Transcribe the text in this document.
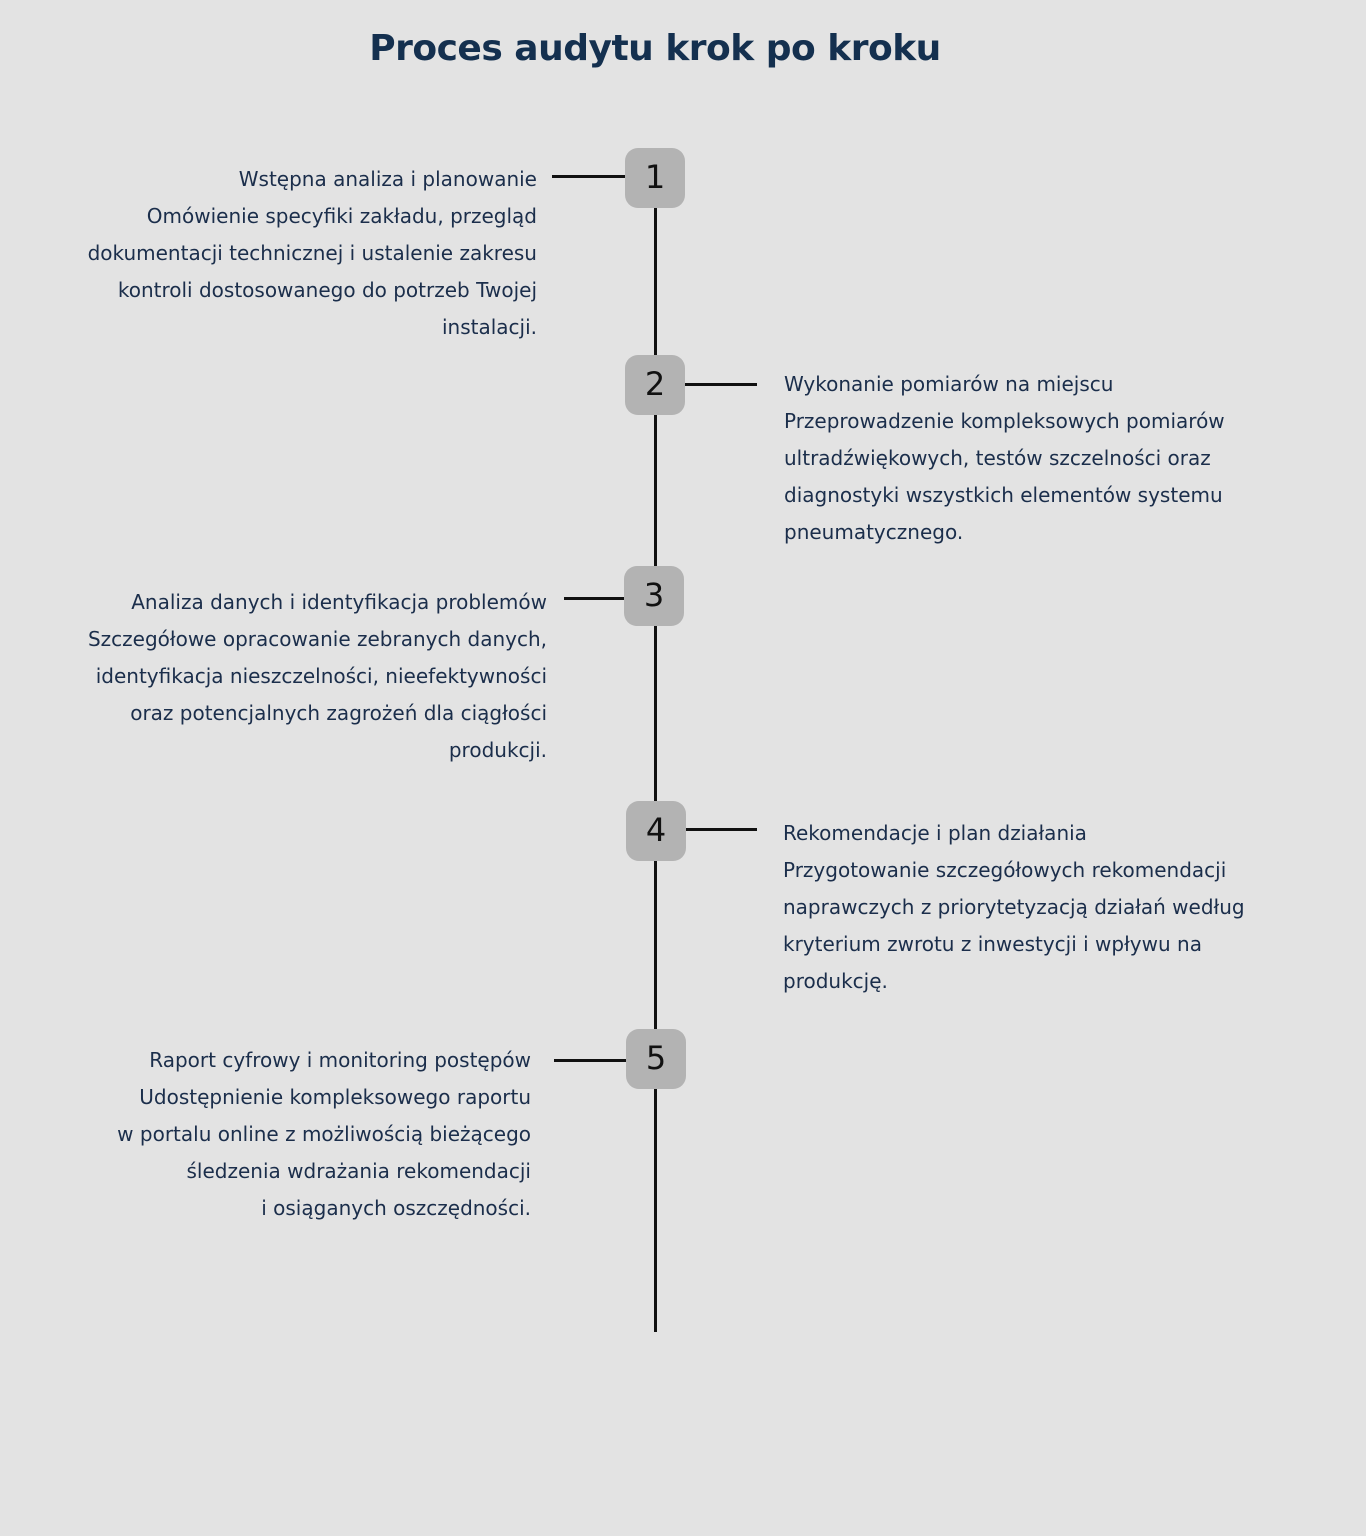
Proces audytu krok po kroku
1
Wstępna analiza i planowanie
Omówienie specyfiki zakładu, przegląd
dokumentacji technicznej i ustalenie zakresu
kontroli dostosowanego do potrzeb Twojej
instalacji.
2	Wykonanie pomiarów na miejscu
Przeprowadzenie kompleksowych pomiarów
ultradźwiękowych, testów szczelności oraz
diagnostyki wszystkich elementów systemu
pneumatycznego.
3
Analiza danych i identyfikacja problemów
Szczegółowe opracowanie zebranych danych,
identyfikacja nieszczelności, nieefektywności
oraz potencjalnych zagrożeń dla ciągłości
produkcji.
4	Rekomendacje i plan działania
Przygotowanie szczegółowych rekomendacji
naprawczych z priorytetyzacją działań według
kryterium zwrotu z inwestycji i wpływu na
produkcję.
5
Raport cyfrowy i monitoring postępów
Udostępnienie kompleksowego raportu
w portalu online z możliwością bieżącego
śledzenia wdrażania rekomendacji
i osiąganych oszczędności.
